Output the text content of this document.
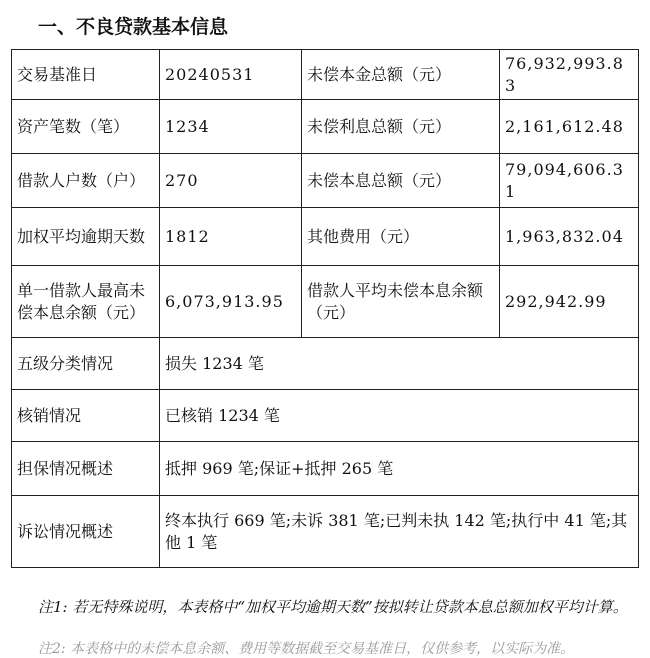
一、不良贷款基本信息
交易基准日	20240531	未偿本金总额（元）	76,932,993.83
资产笔数（笔）	1234	未偿利息总额（元）	2,161,612.48
借款人户数（户）	270	未偿本息总额（元）	79,094,606.31
加权平均逾期天数	1812	其他费用（元）	1,963,832.04
单一借款人最高未偿本息余额（元）	6,073,913.95	借款人平均未偿本息余额（元）	292,942.99
五级分类情况	损失 1234 笔		
核销情况	已核销 1234 笔		
担保情况概述	抵押 969 笔;保证+抵押 265 笔		
诉讼情况概述	终本执行 669 笔;未诉 381 笔;已判未执 142 笔;执行中 41 笔;其他 1 笔		
注1: 若无特殊说明，本表格中“加权平均逾期天数”按拟转让贷款本息总额加权平均计算。
注2: 本表格中的未偿本息余额、费用等数据截至交易基准日，仅供参考，以实际为准。
